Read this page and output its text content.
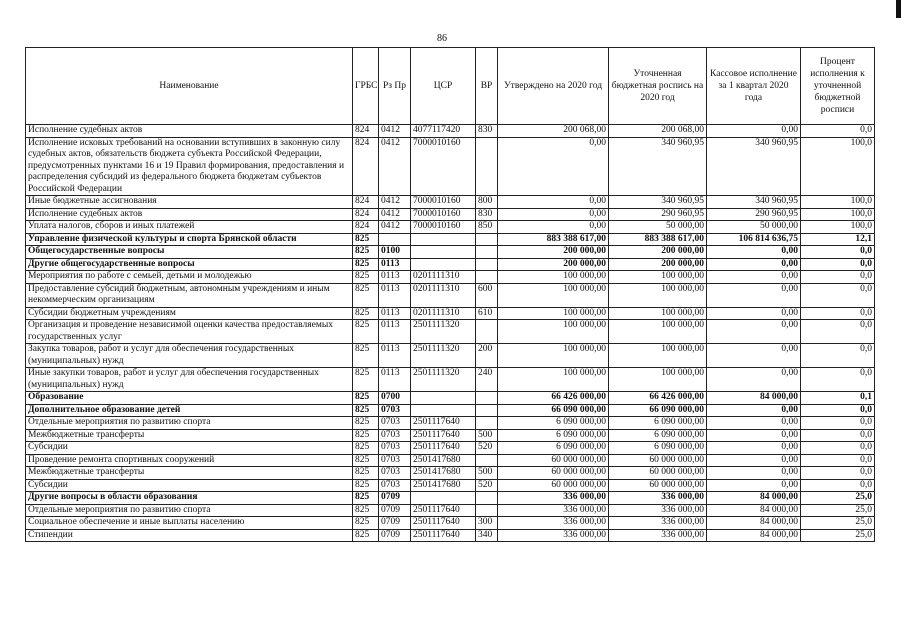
86
Наименование	ГРБС	Рз Пр	ЦСР	ВР	Утверждено на 2020 год	Уточненная бюджетная роспись на 2020 год	Кассовое исполнение за 1 квартал 2020 года	Процент исполнения к уточненной бюджетной росписи
Исполнение судебных актов	824	0412	4077117420	830	200 068,00	200 068,00	0,00	0,0
Исполнение исковых требований на основании вступивших в законную силу судебных актов, обязательств бюджета субъекта Российской Федерации, предусмотренных пунктами 16 и 19 Правил формирования, предоставления и распределения субсидий из федерального бюджета бюджетам субъектов Российской Федерации	824	0412	7000010160		0,00	340 960,95	340 960,95	100,0
Иные бюджетные ассигнования	824	0412	7000010160	800	0,00	340 960,95	340 960,95	100,0
Исполнение судебных актов	824	0412	7000010160	830	0,00	290 960,95	290 960,95	100,0
Уплата налогов, сборов и иных платежей	824	0412	7000010160	850	0,00	50 000,00	50 000,00	100,0
Управление физической культуры и спорта Брянской области	825				883 388 617,00	883 388 617,00	106 814 636,75	12,1
Общегосударственные вопросы	825	0100			200 000,00	200 000,00	0,00	0,0
Другие общегосударственные вопросы	825	0113			200 000,00	200 000,00	0,00	0,0
Мероприятия по работе с семьей, детьми и молодежью	825	0113	0201111310		100 000,00	100 000,00	0,00	0,0
Предоставление субсидий бюджетным, автономным учреждениям и иным некоммерческим организациям	825	0113	0201111310	600	100 000,00	100 000,00	0,00	0,0
Субсидии бюджетным учреждениям	825	0113	0201111310	610	100 000,00	100 000,00	0,00	0,0
Организация и проведение независимой оценки качества предоставляемых государственных услуг	825	0113	2501111320		100 000,00	100 000,00	0,00	0,0
Закупка товаров, работ и услуг для обеспечения государственных (муниципальных) нужд	825	0113	2501111320	200	100 000,00	100 000,00	0,00	0,0
Иные закупки товаров, работ и услуг для обеспечения государственных (муниципальных) нужд	825	0113	2501111320	240	100 000,00	100 000,00	0,00	0,0
Образование	825	0700			66 426 000,00	66 426 000,00	84 000,00	0,1
Дополнительное образование детей	825	0703			66 090 000,00	66 090 000,00	0,00	0,0
Отдельные мероприятия по развитию спорта	825	0703	2501117640		6 090 000,00	6 090 000,00	0,00	0,0
Межбюджетные трансферты	825	0703	2501117640	500	6 090 000,00	6 090 000,00	0,00	0,0
Субсидии	825	0703	2501117640	520	6 090 000,00	6 090 000,00	0,00	0,0
Проведение ремонта спортивных сооружений	825	0703	2501417680		60 000 000,00	60 000 000,00	0,00	0,0
Межбюджетные трансферты	825	0703	2501417680	500	60 000 000,00	60 000 000,00	0,00	0,0
Субсидии	825	0703	2501417680	520	60 000 000,00	60 000 000,00	0,00	0,0
Другие вопросы в области образования	825	0709			336 000,00	336 000,00	84 000,00	25,0
Отдельные мероприятия по развитию спорта	825	0709	2501117640		336 000,00	336 000,00	84 000,00	25,0
Социальное обеспечение и иные выплаты населению	825	0709	2501117640	300	336 000,00	336 000,00	84 000,00	25,0
Стипендии	825	0709	2501117640	340	336 000,00	336 000,00	84 000,00	25,0
